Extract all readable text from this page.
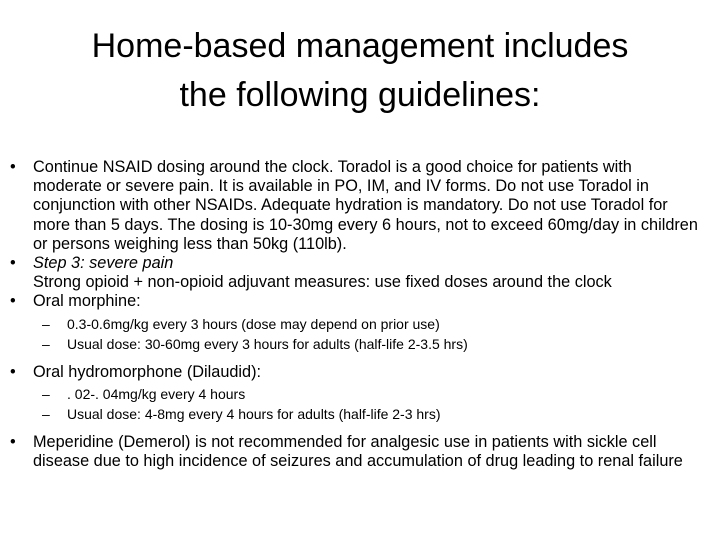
Home-based management includes
the following guidelines:
• Continue NSAID dosing around the clock. Toradol is a good choice for patients with moderate or severe pain. It is available in PO, IM, and IV forms. Do not use Toradol in conjunction with other NSAIDs. Adequate hydration is mandatory. Do not use Toradol for more than 5 days. The dosing is 10-30mg every 6 hours, not to exceed 60mg/day in children or persons weighing less than 50kg (110lb).
• Step 3: severe pain
Strong opioid + non-opioid adjuvant measures: use fixed doses around the clock
• Oral morphine:
– 0.3-0.6mg/kg every 3 hours (dose may depend on prior use)
– Usual dose: 30-60mg every 3 hours for adults (half-life 2-3.5 hrs)
• Oral hydromorphone (Dilaudid):
– . 02-. 04mg/kg every 4 hours
– Usual dose: 4-8mg every 4 hours for adults (half-life 2-3 hrs)
• Meperidine (Demerol) is not recommended for analgesic use in patients with sickle cell disease due to high incidence of seizures and accumulation of drug leading to renal failure
